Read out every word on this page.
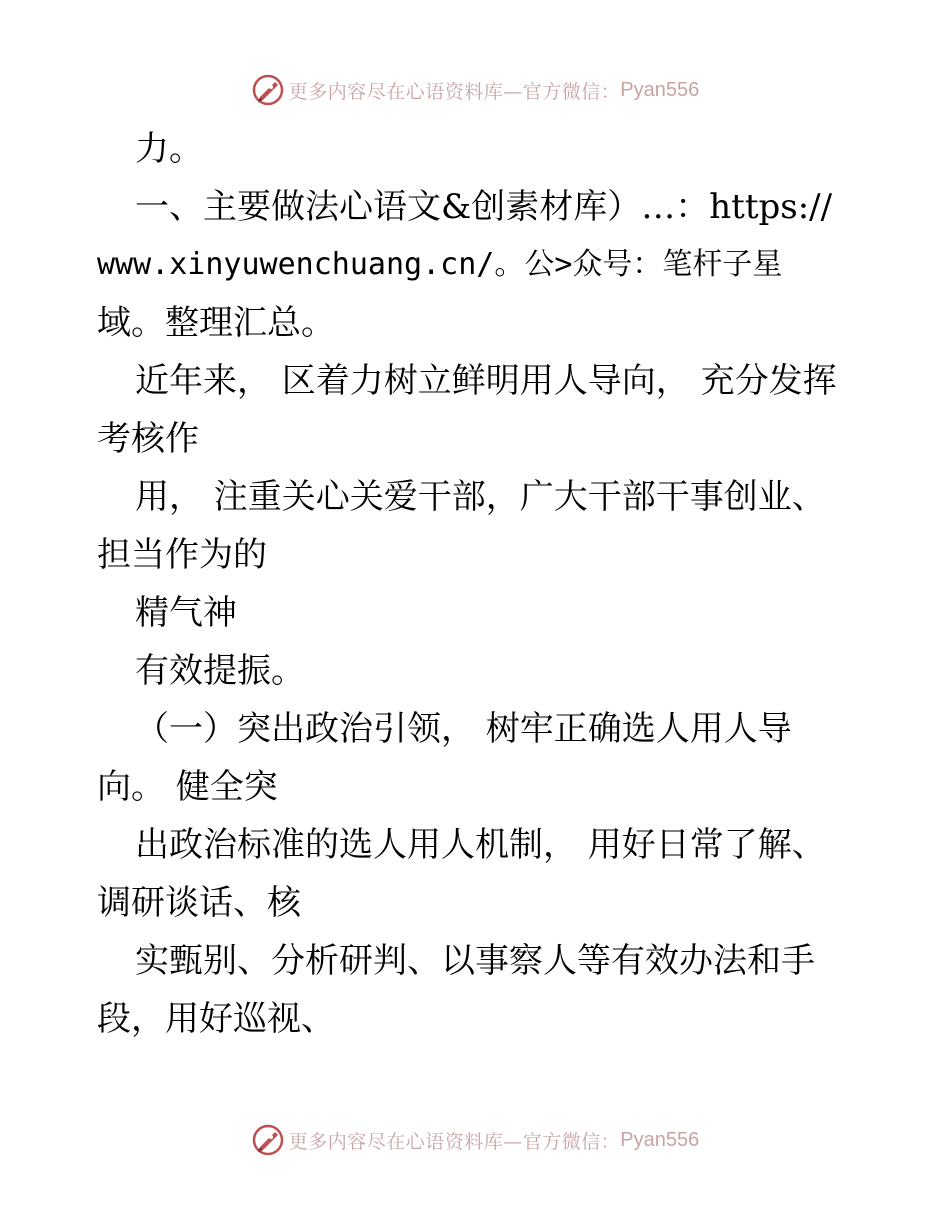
更多内容尽在心语资料库—官方微信： Pyan556
力。
一、主要做法心语文&创素材库）…：https://
www.xinyuwenchuang.cn/。公>众号：笔杆子星
域。整理汇总。
近年来， 区着力树立鲜明用人导向， 充分发挥
考核作
用， 注重关心关爱干部，广大干部干事创业、
担当作为的
精气神
有效提振。
（一）突出政治引领， 树牢正确选人用人导
向。 健全突
出政治标准的选人用人机制， 用好日常了解、
调研谈话、核
实甄别、分析研判、以事察人等有效办法和手
段，用好巡视、
更多内容尽在心语资料库—官方微信： Pyan556
